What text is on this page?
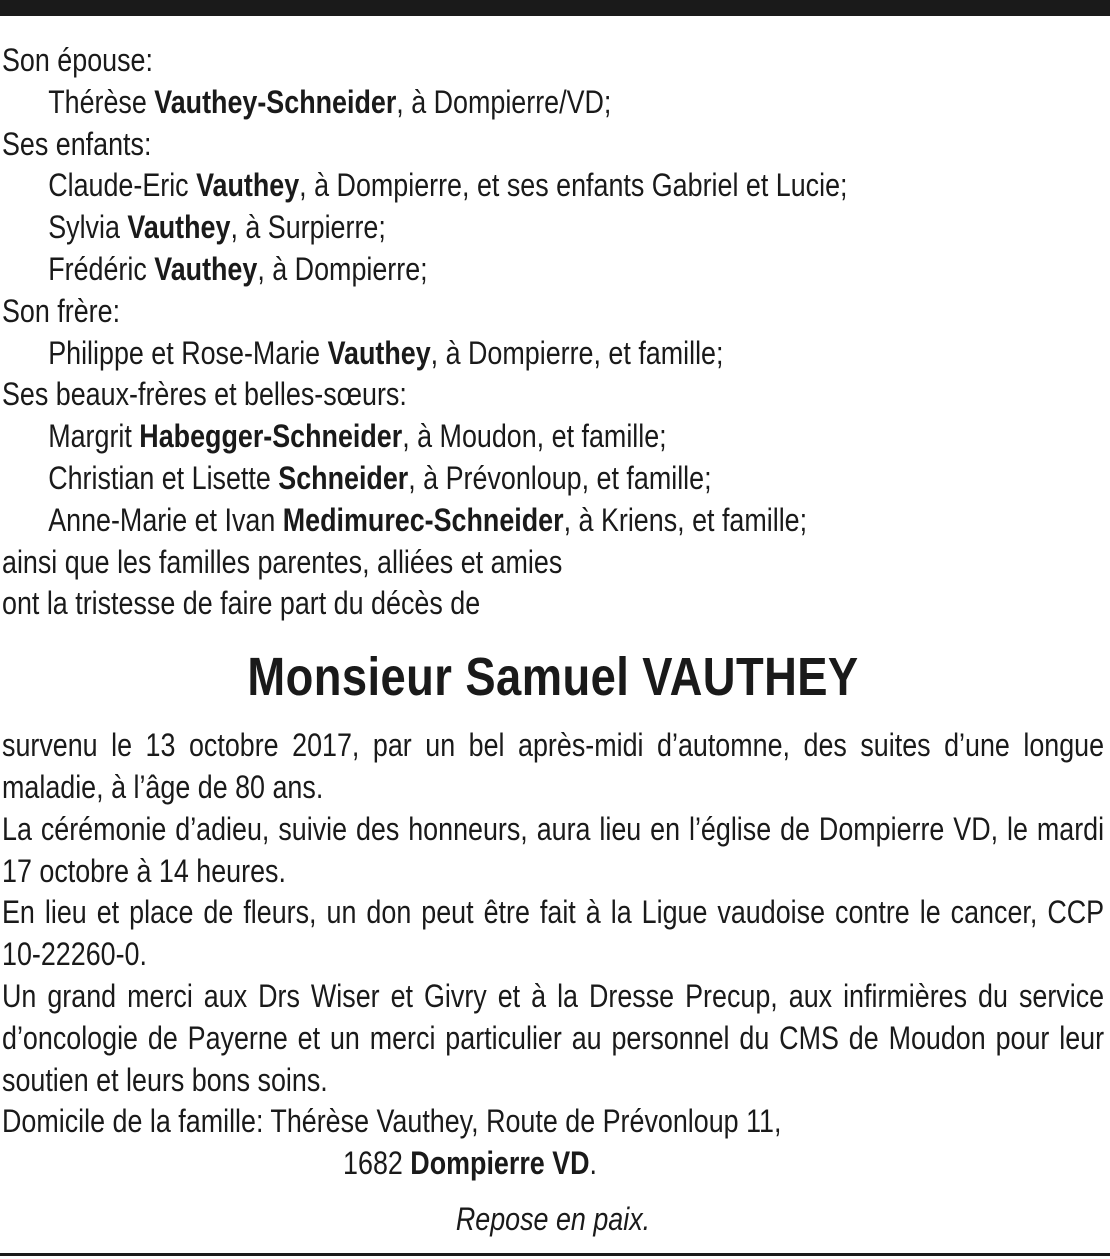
Son épouse:
Thérèse Vauthey-Schneider, à Dompierre/VD;
Ses enfants:
Claude-Eric Vauthey, à Dompierre, et ses enfants Gabriel et Lucie;
Sylvia Vauthey, à Surpierre;
Frédéric Vauthey, à Dompierre;
Son frère:
Philippe et Rose-Marie Vauthey, à Dompierre, et famille;
Ses beaux-frères et belles-sœurs:
Margrit Habegger-Schneider, à Moudon, et famille;
Christian et Lisette Schneider, à Prévonloup, et famille;
Anne-Marie et Ivan Medimurec-Schneider, à Kriens, et famille;
ainsi que les familles parentes, alliées et amies
ont la tristesse de faire part du décès de
Monsieur Samuel VAUTHEY

survenu le 13 octobre 2017, par un bel après-midi d’automne, des suites d’une longue maladie, à l’âge de 80 ans.

La cérémonie d’adieu, suivie des honneurs, aura lieu en l’église de Dompierre VD, le mardi 17 octobre à 14 heures.

En lieu et place de fleurs, un don peut être fait à la Ligue vaudoise contre le cancer, CCP 10-22260-0.

Un grand merci aux Drs Wiser et Givry et à la Dresse Precup, aux infirmières du service d’oncologie de Payerne et un merci particulier au personnel du CMS de Moudon pour leur soutien et leurs bons soins.

Domicile de la famille: Thérèse Vauthey, Route de Prévonloup 11,
1682 Dompierre VD.
Repose en paix.
